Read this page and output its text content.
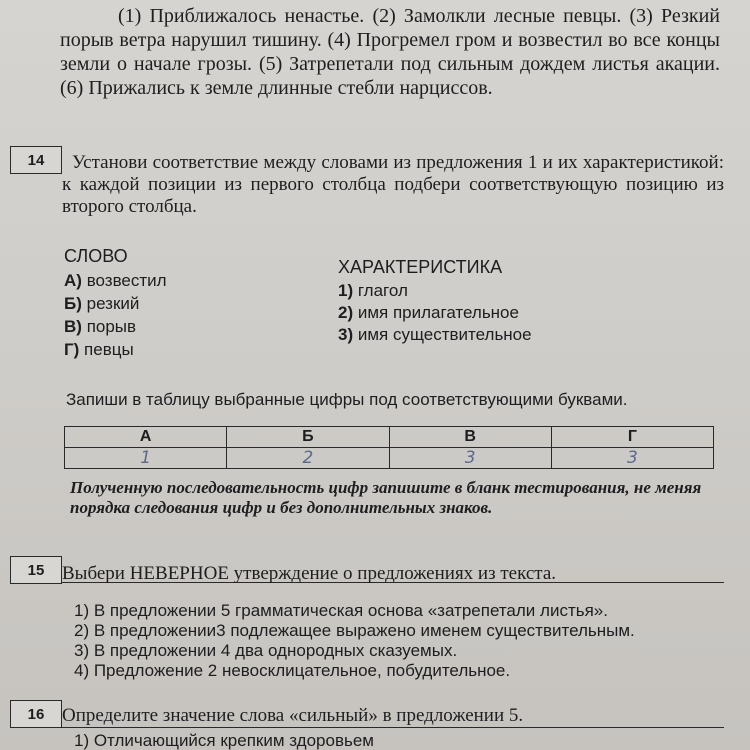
(1) Приближалось ненастье. (2) Замолкли лесные певцы. (3) Резкий порыв ветра нарушил тишину. (4) Прогремел гром и возвестил во все концы земли о начале грозы. (5) Затрепетали под сильным дождем листья акации. (6) Прижались к земле длинные стебли нарциссов.

14	Установи соответствие между словами из предложения 1 и их характеристикой: к каждой позиции из первого столбца подбери соответствующую позицию из второго столбца.

СЛОВО
А) возвестил
Б) резкий
В) порыв
Г) певцы
ХАРАКТЕРИСТИКА
1) глагол
2) имя прилагательное
3) имя существительное
Запиши в таблицу выбранные цифры под соответствующими буквами.
А	Б	В	Г
1	2	3	3

Полученную последовательность цифр запишите в бланк тестирования, не меняя порядка следования цифр и без дополнительных знаков.

15 Выбери НЕВЕРНОЕ утверждение о предложениях из текста.
1) В предложении 5 грамматическая основа «затрепетали листья».
2) В предложении3 подлежащее выражено именем существительным.
3) В предложении 4 два однородных сказуемых.
4) Предложение 2 невосклицательное, побудительное.
16 Определите значение слова «сильный» в предложении 5.
1) Отличающийся крепким здоровьем
